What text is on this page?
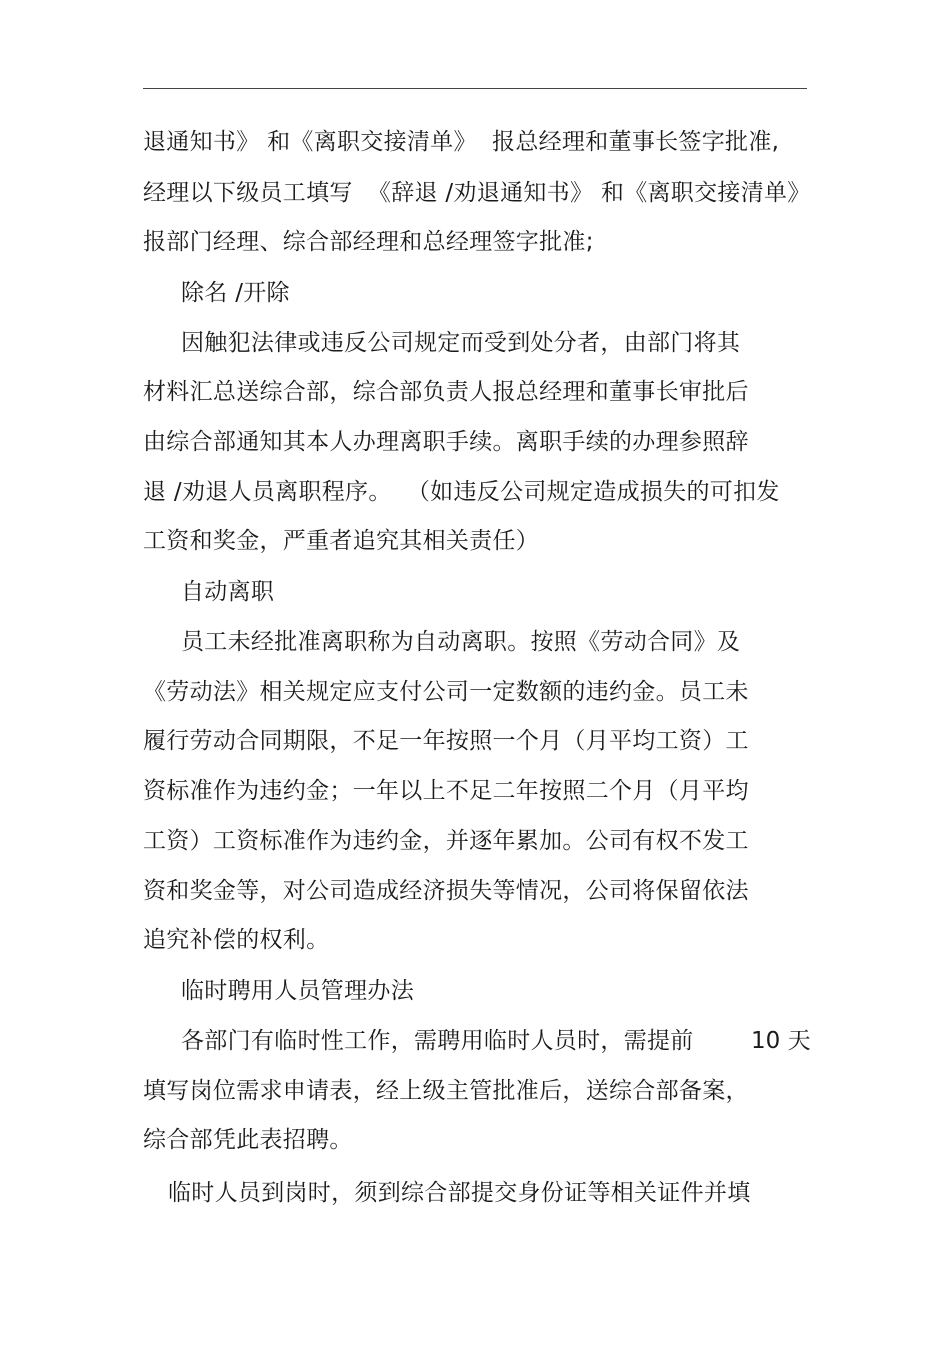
退通知书》 和《离职交接清单》  报总经理和董事长签字批准,
经理以下级员工填写  《辞退 /劝退通知书》 和《离职交接清单》
报部门经理、综合部经理和总经理签字批准;
除名 /开除
因触犯法律或违反公司规定而受到处分者，由部门将其
材料汇总送综合部，综合部负责人报总经理和董事长审批后
由综合部通知其本人办理离职手续。离职手续的办理参照辞
退 /劝退人员离职程序。  （如违反公司规定造成损失的可扣发
工资和奖金，严重者追究其相关责任）
自动离职
员工未经批准离职称为自动离职。按照《劳动合同》及
《劳动法》相关规定应支付公司一定数额的违约金。员工未
履行劳动合同期限，不足一年按照一个月（月平均工资）工
资标准作为违约金；一年以上不足二年按照二个月（月平均
工资）工资标准作为违约金，并逐年累加。公司有权不发工
资和奖金等，对公司造成经济损失等情况，公司将保留依法
追究补偿的权利。
临时聘用人员管理办法
各部门有临时性工作，需聘用临时人员时，需提前 10 天
填写岗位需求申请表，经上级主管批准后，送综合部备案，
综合部凭此表招聘。
临时人员到岗时，须到综合部提交身份证等相关证件并填
